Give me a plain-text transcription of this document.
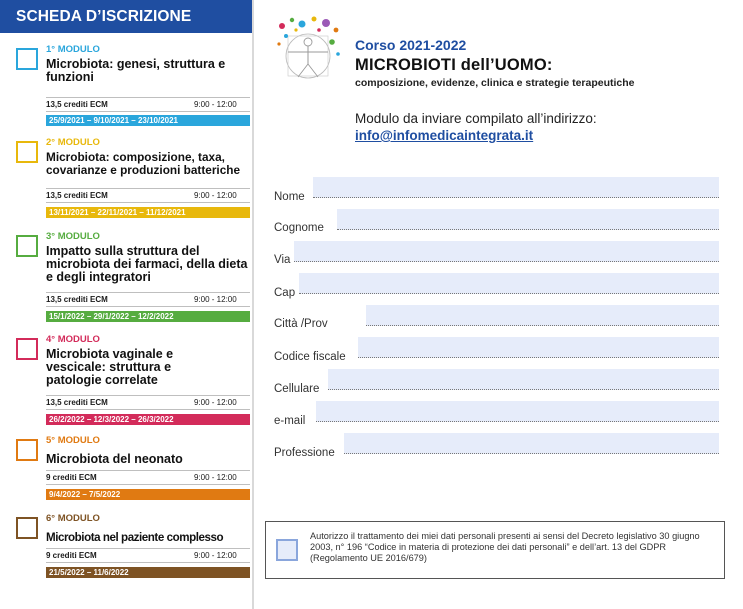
SCHEDA D’ISCRIZIONE
1° MODULO
Microbiota: genesi, struttura e funzioni
13,5 crediti ECM	9:00 - 12:00
25/9/2021 – 9/10/2021 – 23/10/2021
2° MODULO
Microbiota: composizione, taxa, covarianze e produzioni batteriche
13,5 crediti ECM	9:00 - 12:00
13/11/2021 – 22/11/2021 – 11/12/2021
3° MODULO
Impatto sulla struttura del microbiota dei farmaci, della dieta e degli integratori
13,5 crediti ECM	9:00 - 12:00
15/1/2022 – 29/1/2022 – 12/2/2022
4° MODULO
Microbiota vaginale e vescicale: struttura e patologie correlate
13,5 crediti ECM	9:00 - 12:00
26/2/2022 – 12/3/2022 – 26/3/2022
5° MODULO
Microbiota del neonato
9 crediti ECM	9:00 - 12:00
9/4/2022 – 7/5/2022
6° MODULO
Microbiota nel paziente complesso
9 crediti ECM	9:00 - 12:00
21/5/2022 – 11/6/2022
Corso 2021-2022
MICROBIOTI dell’UOMO:
composizione, evidenze, clinica e strategie terapeutiche
Modulo da inviare compilato all’indirizzo:
info@infomedicaintegrata.it
Nome
Cognome
Via
Cap
Città /Prov
Codice fiscale
Cellulare
e-mail
Professione
Autorizzo il trattamento dei miei dati personali presenti ai sensi del Decreto legislativo 30 giugno 2003, n° 196 “Codice in materia di protezione dei dati personali” e dell’art. 13 del GDPR (Regolamento UE 2016/679)
